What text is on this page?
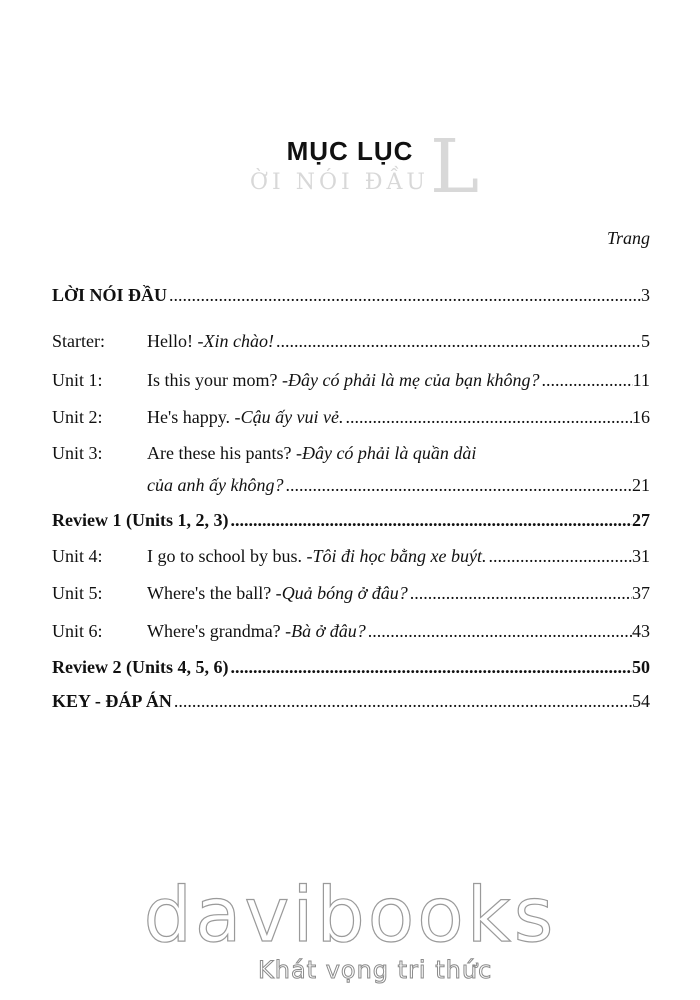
L
ỜI NÓI ĐẦU
MỤC LỤC
Trang
LỜI NÓI ĐẦU .....	3
Starter:	Hello! - Xin chào! .....	5
Unit 1:	Is this your mom? - Đây có phải là mẹ của bạn không? .....	11
Unit 2:	He's happy. - Cậu ấy vui vẻ. .....	16
Unit 3:	Are these his pants? - Đây có phải là quần dài
của anh ấy không? .....	21
Review 1 (Units 1, 2, 3) .....	27
Unit 4:	I go to school by bus. - Tôi đi học bằng xe buýt. .....	31
Unit 5:	Where's the ball? - Quả bóng ở đâu? .....	37
Unit 6:	Where's grandma? - Bà ở đâu? .....	43
Review 2 (Units 4, 5, 6) .....	50
KEY - ĐÁP ÁN .....	54
davibooks
Khát vọng tri thức
